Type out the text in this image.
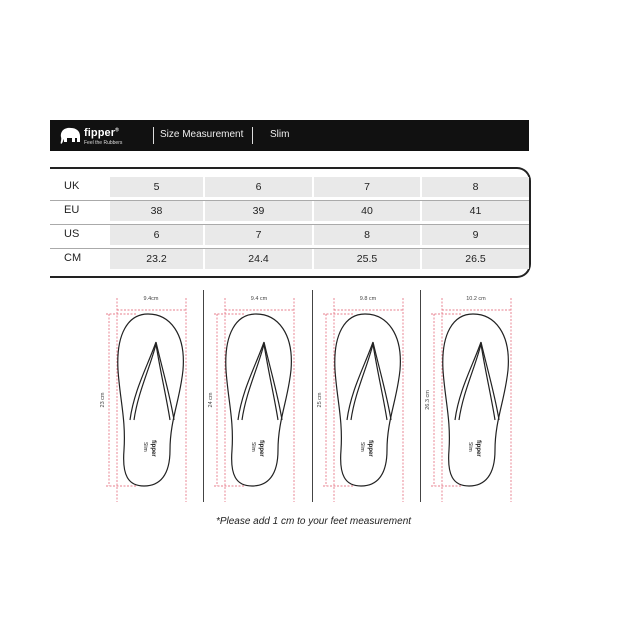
fipper®
Feel the Rubbers
Size Measurement	Slim
UK	5	6	7	8
EU	38	39	40	41
US	6	7	8	9
CM	23.2	24.4	25.5	26.5
9.4cm
23 cm
fipper
Slim
9.4 cm
24 cm
fipper
Slim
9.8 cm
25 cm
fipper
Slim
10.2 cm
26.3 cm
fipper
Slim
*Please add 1 cm to your feet measurement
